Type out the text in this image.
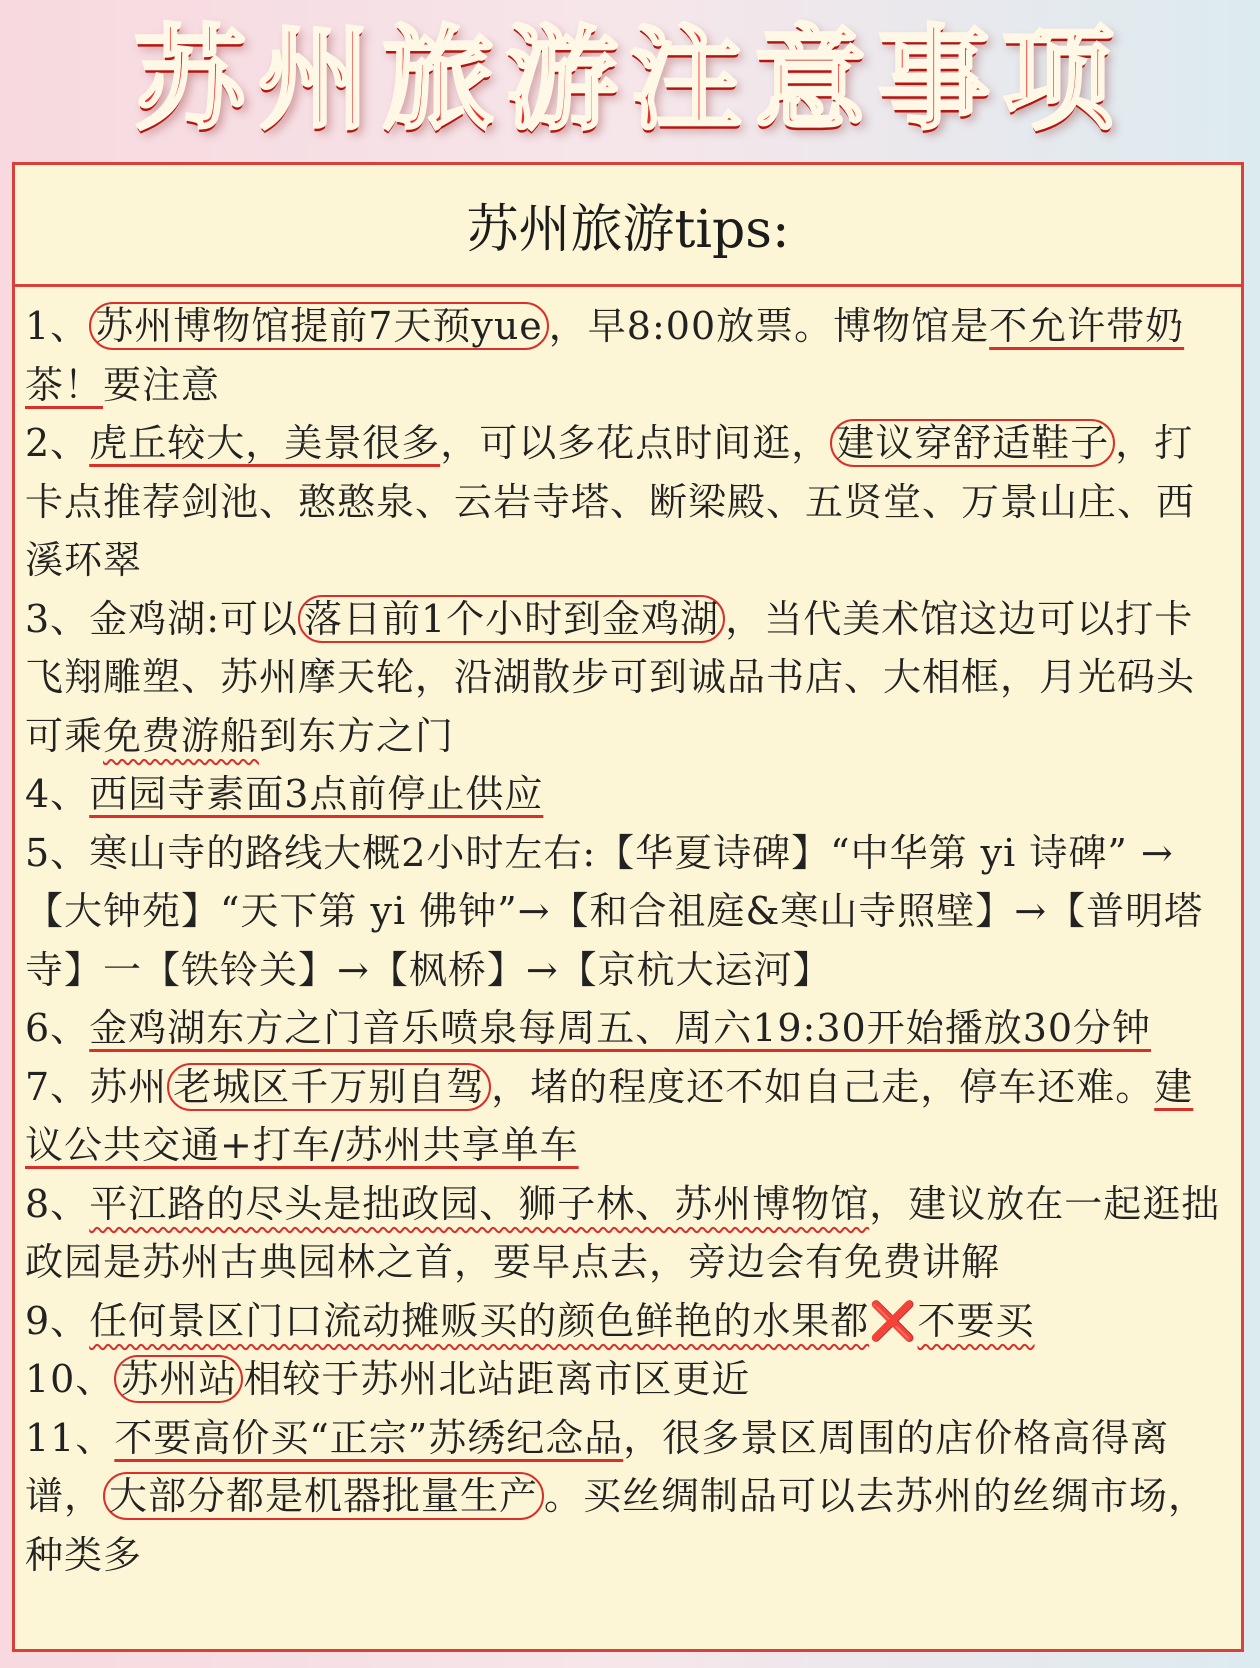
苏州旅游注意事项
苏州旅游tips:

1、 苏州博物馆提前7天预yue ，早8:00放票。博物馆是不允许带奶茶！要注意

2、虎丘较大，美景很多，可以多花点时间逛， 建议穿舒适鞋子 ，打卡点推荐剑池、憨憨泉、云岩寺塔、断梁殿、五贤堂、万景山庄、西溪环翠

3、金鸡湖:可以 落日前1个小时到金鸡湖 ，当代美术馆这边可以打卡飞翔雕塑、苏州摩天轮，沿湖散步可到诚品书店、大相框，月光码头可乘免费游船到东方之门

4、西园寺素面3点前停止供应

5、寒山寺的路线大概2小时左右:【华夏诗碑】“中华第 yi 诗碑” →【大钟苑】“天下第 yi 佛钟”→【和合祖庭&寒山寺照壁】→【普明塔寺】一【铁铃关】→【枫桥】→【京杭大运河】

6、金鸡湖东方之门音乐喷泉每周五、周六19:30开始播放30分钟

7、苏州 老城区千万别自驾 ，堵的程度还不如自己走，停车还难。建议公共交通+打车/苏州共享单车

8、平江路的尽头是拙政园、狮子林、苏州博物馆，建议放在一起逛拙政园是苏州古典园林之首，要早点去，旁边会有免费讲解

9、任何景区门口流动摊贩买的颜色鲜艳的水果都❌不要买

10、 苏州站 相较于苏州北站距离市区更近

11、不要高价买“正宗”苏绣纪念品，很多景区周围的店价格高得离谱， 大部分都是机器批量生产 。买丝绸制品可以去苏州的丝绸市场，种类多
